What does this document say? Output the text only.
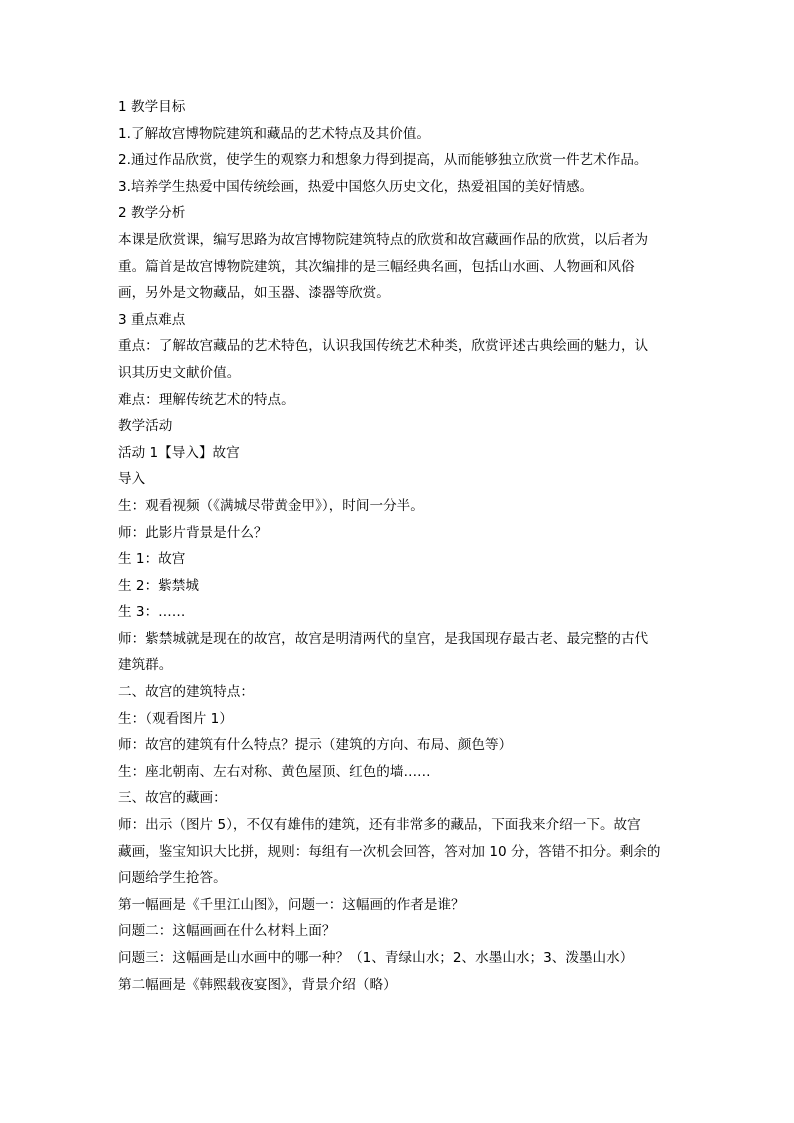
1 教学目标

1.了解故宫博物院建筑和藏品的艺术特点及其价值。

2.通过作品欣赏，使学生的观察力和想象力得到提高，从而能够独立欣赏一件艺术作品。

3.培养学生热爱中国传统绘画，热爱中国悠久历史文化，热爱祖国的美好情感。

2 教学分析

本课是欣赏课，编写思路为故宫博物院建筑特点的欣赏和故宫藏画作品的欣赏，以后者为

重。篇首是故宫博物院建筑，其次编排的是三幅经典名画，包括山水画、人物画和风俗

画，另外是文物藏品，如玉器、漆器等欣赏。

3 重点难点

重点：了解故宫藏品的艺术特色，认识我国传统艺术种类，欣赏评述古典绘画的魅力，认

识其历史文献价值。

难点：理解传统艺术的特点。

教学活动

活动 1【导入】故宫

导入

生：观看视频（《满城尽带黄金甲》），时间一分半。

师：此影片背景是什么？

生 1：故宫

生 2：紫禁城

生 3：……

师：紫禁城就是现在的故宫，故宫是明清两代的皇宫，是我国现存最古老、最完整的古代

建筑群。

二、故宫的建筑特点：

生：（观看图片 1）

师：故宫的建筑有什么特点？提示（建筑的方向、布局、颜色等）

生：座北朝南、左右对称、黄色屋顶、红色的墙……

三、故宫的藏画：

师：出示（图片 5），不仅有雄伟的建筑，还有非常多的藏品，下面我来介绍一下。故宫

藏画，鉴宝知识大比拼，规则：每组有一次机会回答，答对加 10 分，答错不扣分。剩余的

问题给学生抢答。

第一幅画是《千里江山图》，问题一：这幅画的作者是谁？

问题二：这幅画画在什么材料上面？

问题三：这幅画是山水画中的哪一种？（1、青绿山水；2、水墨山水；3、泼墨山水）

第二幅画是《韩熙载夜宴图》，背景介绍（略）
